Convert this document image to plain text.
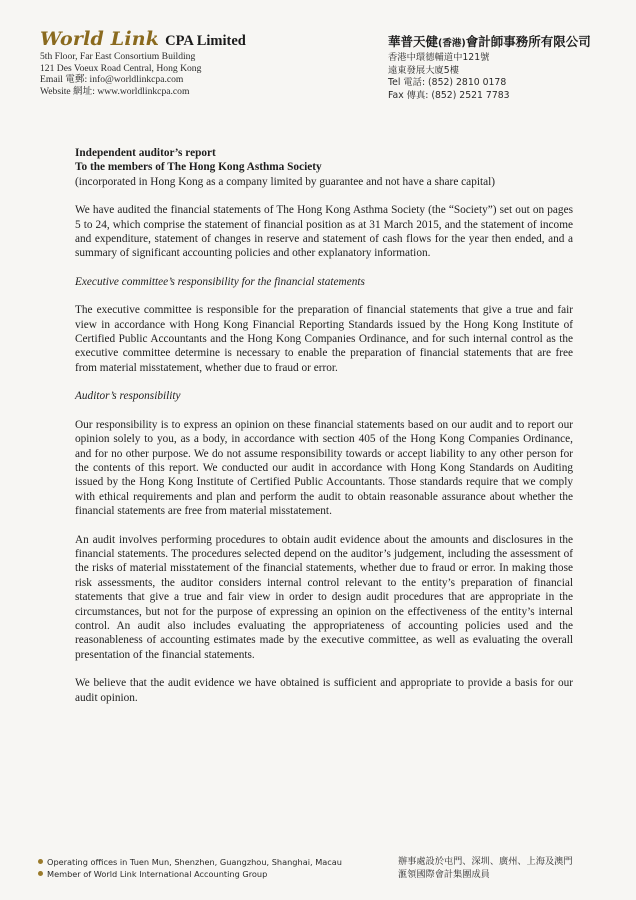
World Link CPA Limited
5th Floor, Far East Consortium Building
121 Des Voeux Road Central, Hong Kong
Email 電郵: info@worldlinkcpa.com
Website 網址: www.worldlinkcpa.com
華普天健(香港)會計師事務所有限公司
香港中環德輔道中121號
遠東發展大廈5樓
Tel 電話: (852) 2810 0178
Fax 傳真: (852) 2521 7783
Independent auditor’s report
To the members of The Hong Kong Asthma Society
(incorporated in Hong Kong as a company limited by guarantee and not have a share capital)

We have audited the financial statements of The Hong Kong Asthma Society (the “Society”) set out on pages 5 to 24, which comprise the statement of financial position as at 31 March 2015, and the statement of income and expenditure, statement of changes in reserve and statement of cash flows for the year then ended, and a summary of significant accounting policies and other explanatory information.

Executive committee’s responsibility for the financial statements

The executive committee is responsible for the preparation of financial statements that give a true and fair view in accordance with Hong Kong Financial Reporting Standards issued by the Hong Kong Institute of Certified Public Accountants and the Hong Kong Companies Ordinance, and for such internal control as the executive committee determine is necessary to enable the preparation of financial statements that are free from material misstatement, whether due to fraud or error.

Auditor’s responsibility

Our responsibility is to express an opinion on these financial statements based on our audit and to report our opinion solely to you, as a body, in accordance with section 405 of the Hong Kong Companies Ordinance, and for no other purpose. We do not assume responsibility towards or accept liability to any other person for the contents of this report. We conducted our audit in accordance with Hong Kong Standards on Auditing issued by the Hong Kong Institute of Certified Public Accountants. Those standards require that we comply with ethical requirements and plan and perform the audit to obtain reasonable assurance about whether the financial statements are free from material misstatement.

An audit involves performing procedures to obtain audit evidence about the amounts and disclosures in the financial statements. The procedures selected depend on the auditor’s judgement, including the assessment of the risks of material misstatement of the financial statements, whether due to fraud or error. In making those risk assessments, the auditor considers internal control relevant to the entity’s preparation of financial statements that give a true and fair view in order to design audit procedures that are appropriate in the circumstances, but not for the purpose of expressing an opinion on the effectiveness of the entity’s internal control. An audit also includes evaluating the appropriateness of accounting policies used and the reasonableness of accounting estimates made by the executive committee, as well as evaluating the overall presentation of the financial statements.

We believe that the audit evidence we have obtained is sufficient and appropriate to provide a basis for our audit opinion.

Operating offices in Tuen Mun, Shenzhen, Guangzhou, Shanghai, Macau
Member of World Link International Accounting Group
辦事處設於屯門、深圳、廣州、上海及澳門
滙領國際會計集團成員
